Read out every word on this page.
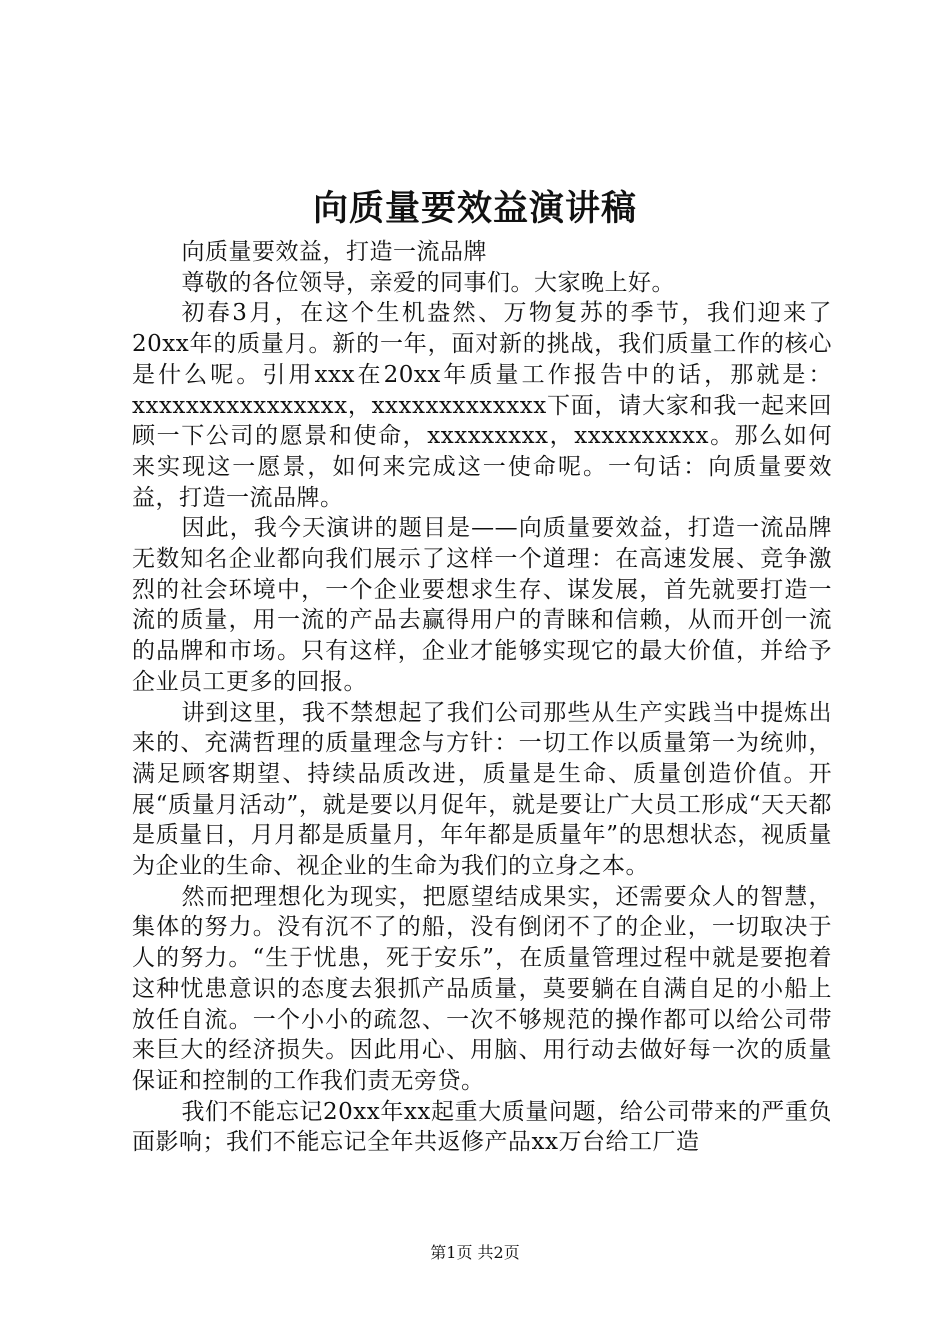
向质量要效益演讲稿

向质量要效益，打造一流品牌

尊敬的各位领导，亲爱的同事们。大家晚上好。

初春3月，在这个生机盎然、万物复苏的季节，我们迎来了20xx年的质量月。新的一年，面对新的挑战，我们质量工作的核心是什么呢。引用xxx在20xx年质量工作报告中的话，那就是：xxxxxxxxxxxxxxxx，xxxxxxxxxxxxx下面，请大家和我一起来回顾一下公司的愿景和使命，xxxxxxxxx，xxxxxxxxxx。那么如何来实现这一愿景，如何来完成这一使命呢。一句话：向质量要效益，打造一流品牌。

因此，我今天演讲的题目是——向质量要效益，打造一流品牌无数知名企业都向我们展示了这样一个道理：在高速发展、竞争激烈的社会环境中，一个企业要想求生存、谋发展，首先就要打造一流的质量，用一流的产品去赢得用户的青睐和信赖，从而开创一流的品牌和市场。只有这样，企业才能够实现它的最大价值，并给予企业员工更多的回报。

讲到这里，我不禁想起了我们公司那些从生产实践当中提炼出来的、充满哲理的质量理念与方针：一切工作以质量第一为统帅，满足顾客期望、持续品质改进，质量是生命、质量创造价值。开展“质量月活动”，就是要以月促年，就是要让广大员工形成“天天都是质量日，月月都是质量月，年年都是质量年”的思想状态，视质量为企业的生命、视企业的生命为我们的立身之本。

然而把理想化为现实，把愿望结成果实，还需要众人的智慧，集体的努力。没有沉不了的船，没有倒闭不了的企业，一切取决于人的努力。“生于忧患，死于安乐”，在质量管理过程中就是要抱着这种忧患意识的态度去狠抓产品质量，莫要躺在自满自足的小船上放任自流。一个小小的疏忽、一次不够规范的操作都可以给公司带来巨大的经济损失。因此用心、用脑、用行动去做好每一次的质量保证和控制的工作我们责无旁贷。

我们不能忘记20xx年xx起重大质量问题，给公司带来的严重负面影响；我们不能忘记全年共返修产品xx万台给工厂造

第1页 共2页
